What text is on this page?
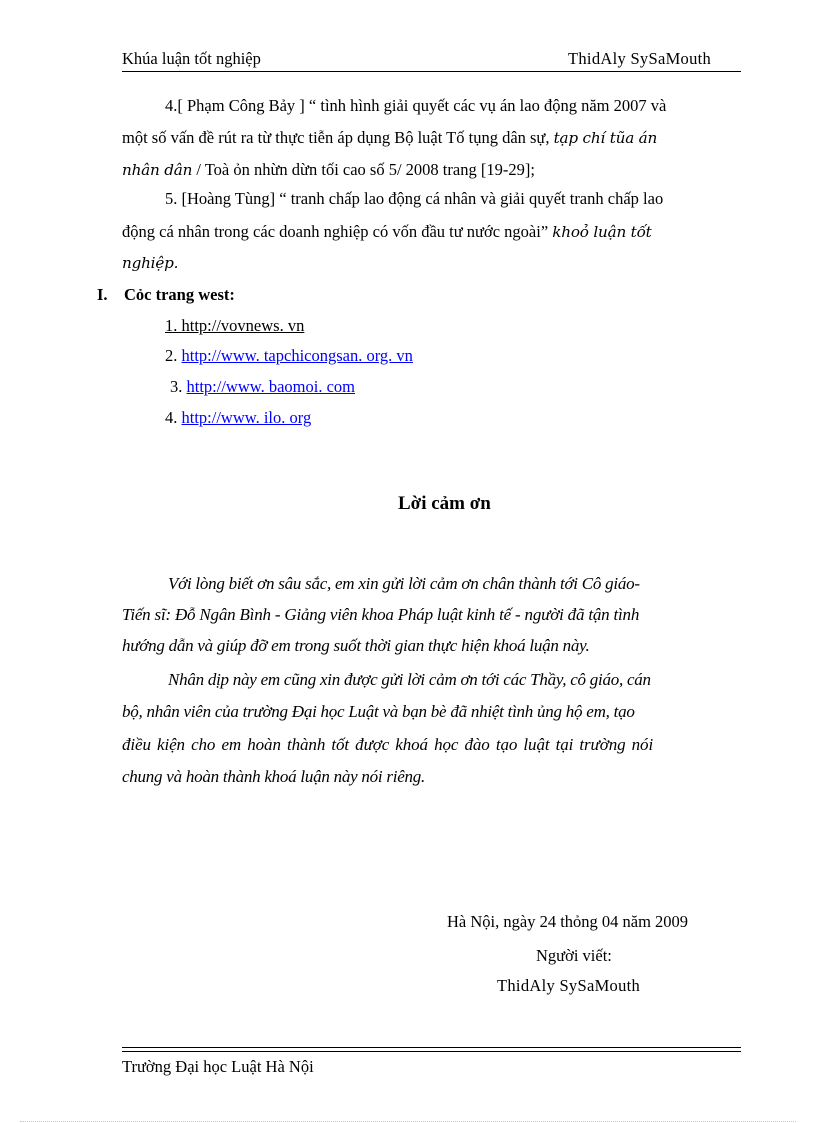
Khúa luận tốt nghiệp	ThidAly SySaMouth
4.[ Phạm Công Bảy ] “ tình hình giải quyết các vụ án lao động năm 2007 và
một số vấn đề rút ra từ thực tiễn áp dụng Bộ luật Tố tụng dân sự, tạp chí tũa án
nhân dân / Toà ỏn nhừn dừn tối cao số 5/ 2008 trang [19-29];
5. [Hoàng Tùng] “ tranh chấp lao động cá nhân và giải quyết tranh chấp lao
động cá nhân trong các doanh nghiệp có vốn đầu tư nước ngoài” khoỏ luận tốt
nghiệp.
I. Cỏc trang west:
1. http://vovnews. vn
2. http://www. tapchicongsan. org. vn
3. http://www. baomoi. com
4. http://www. ilo. org
Lời cảm ơn
Với lòng biết ơn sâu sắc, em xin gửi lời cảm ơn chân thành tới Cô giáo-
Tiến sĩ: Đỗ Ngân Bình - Giảng viên khoa Pháp luật kinh tế - người đã tận tình
hướng dẫn và giúp đỡ em trong suốt thời gian thực hiện khoá luận này.
Nhân dịp này em cũng xin được gửi lời cảm ơn tới các Thầy, cô giáo, cán
bộ, nhân viên của trường Đại học Luật và bạn bè đã nhiệt tình ủng hộ em, tạo
điều kiện cho em hoàn thành tốt được khoá học đào tạo luật tại trường nói
chung và hoàn thành khoá luận này nói riêng.
Hà Nội, ngày 24 thỏng 04 năm 2009
Người viết:
ThidAly SySaMouth
Trường Đại học Luật Hà Nội
